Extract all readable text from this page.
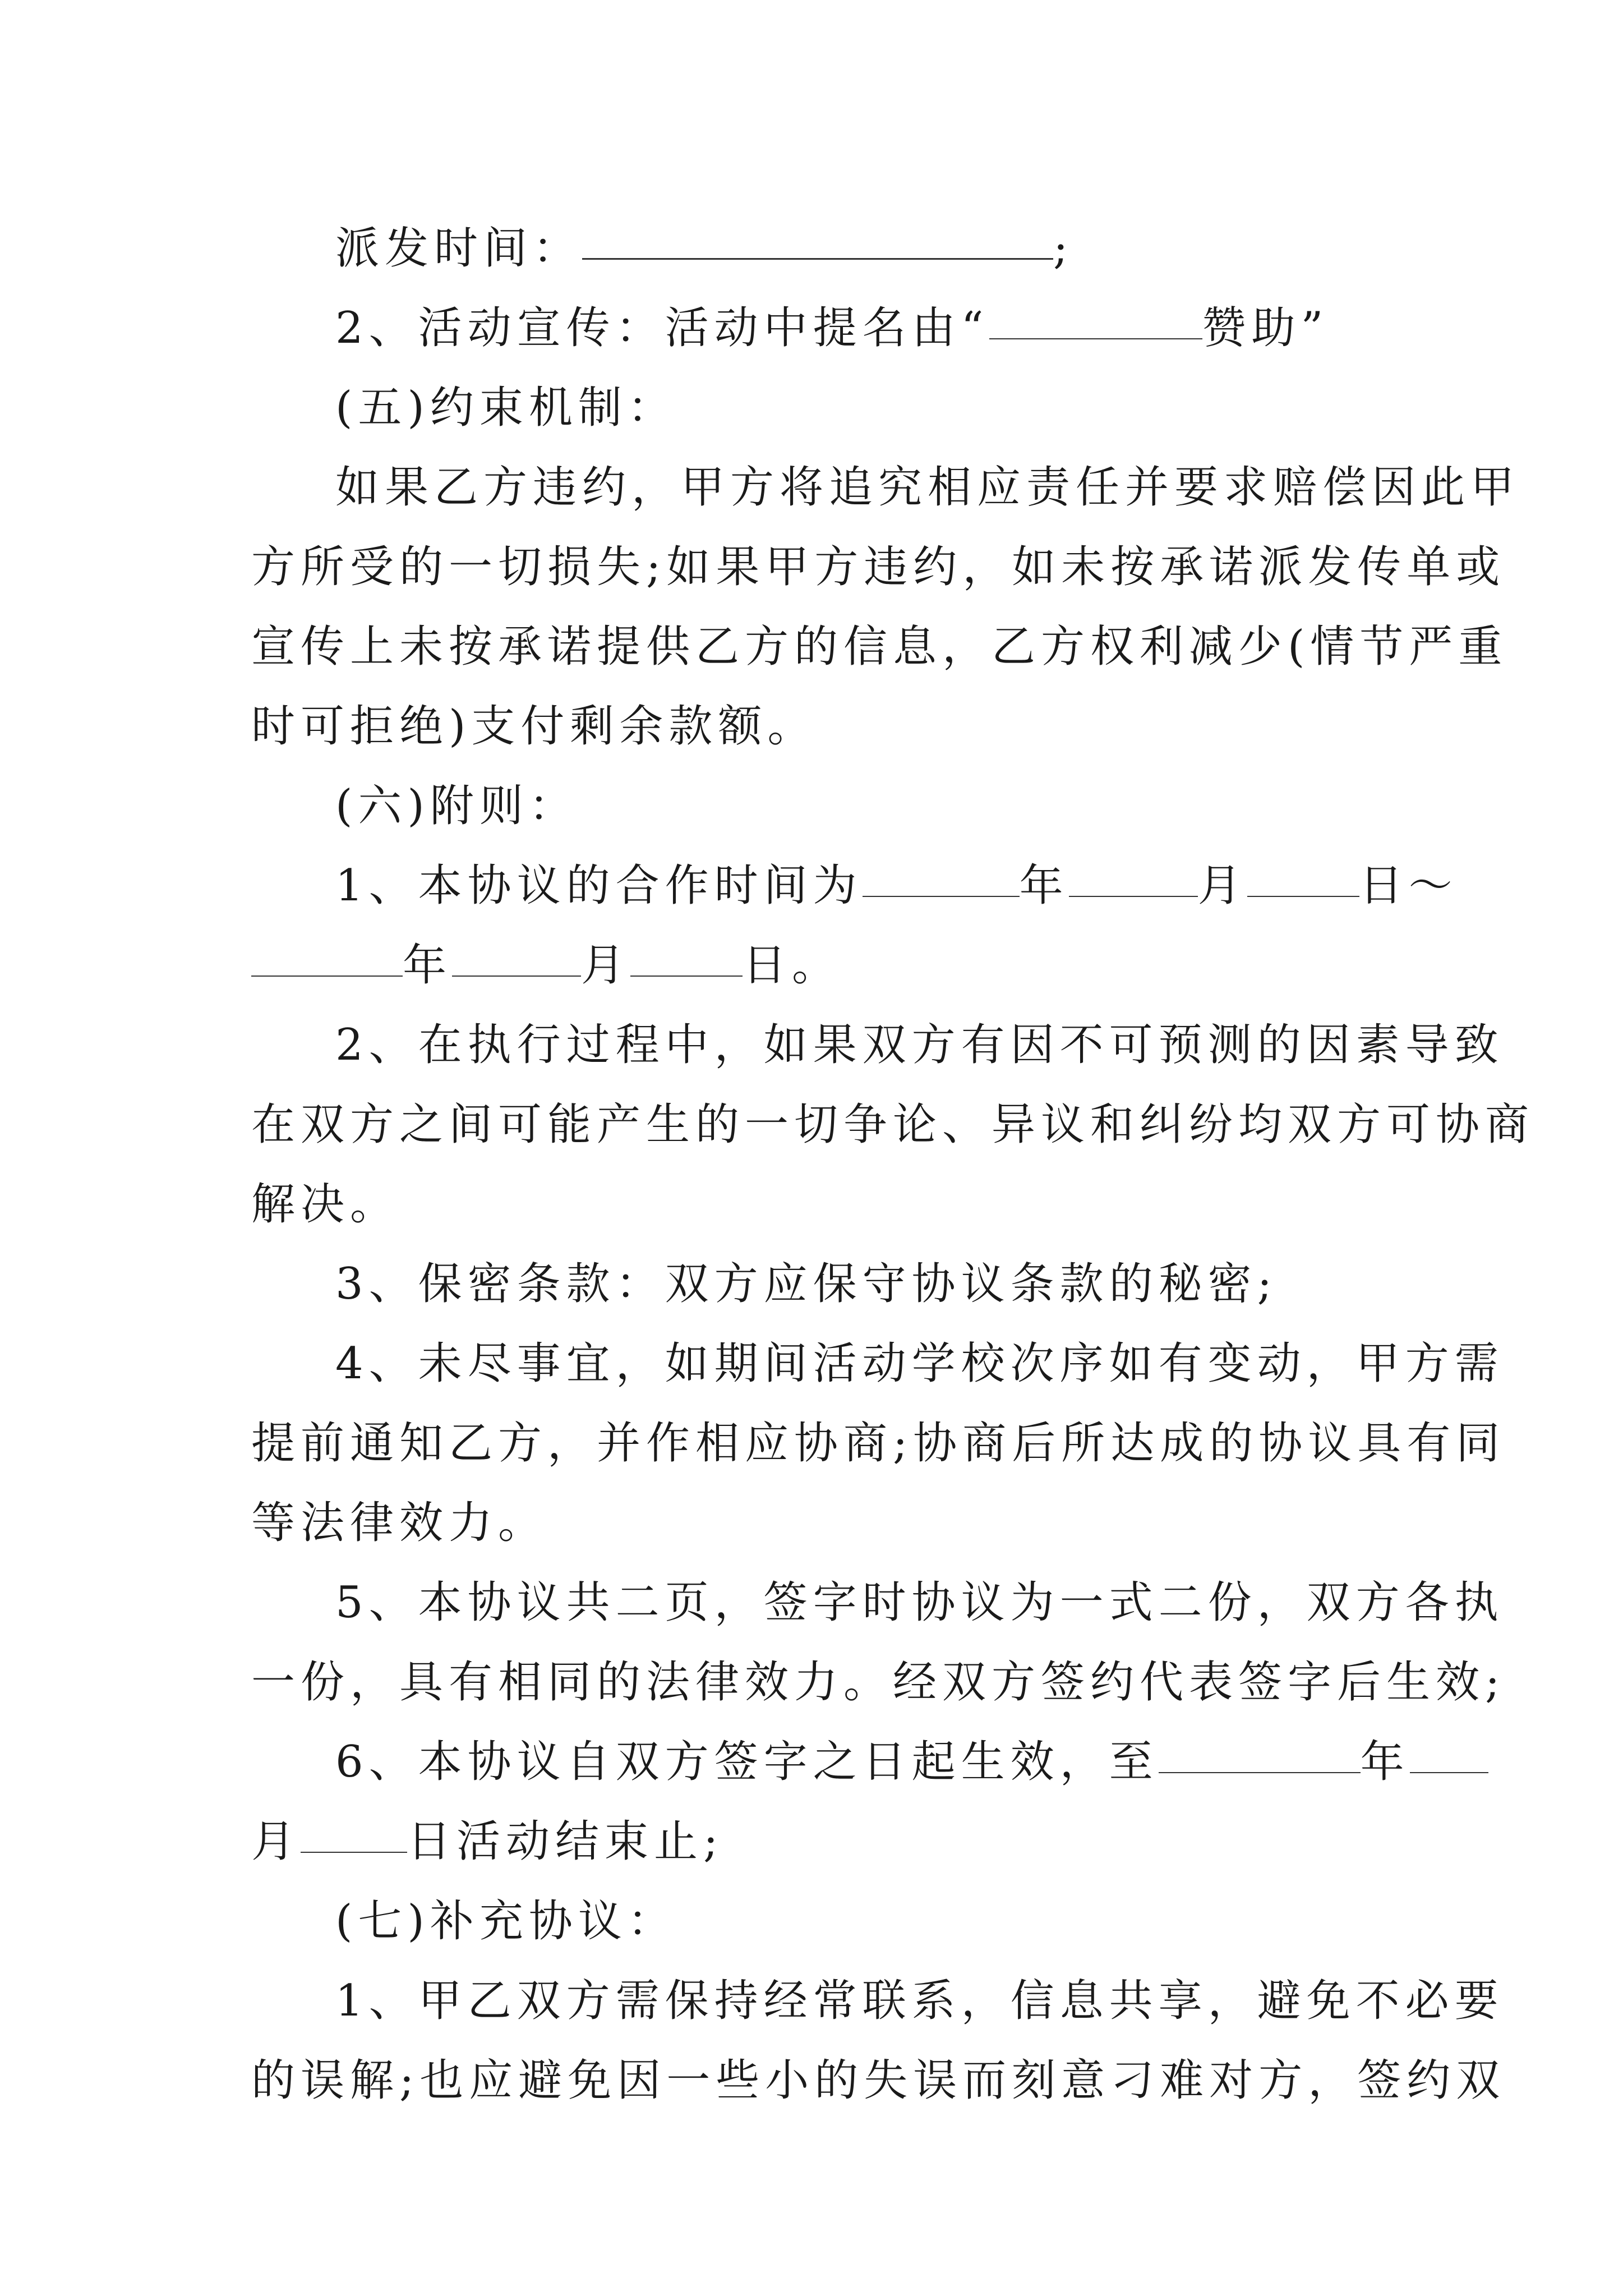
派发时间：	;
2、活动宣传：活动中提名由“	赞助”
(五)约束机制：
如果乙方违约，甲方将追究相应责任并要求赔偿因此甲
方所受的一切损失;如果甲方违约，如未按承诺派发传单或
宣传上未按承诺提供乙方的信息，乙方权利减少(情节严重
时可拒绝)支付剩余款额。
(六)附则：
1、本协议的合作时间为	年	月	日～
年	月	日。
2、在执行过程中，如果双方有因不可预测的因素导致
在双方之间可能产生的一切争论、异议和纠纷均双方可协商
解决。
3、保密条款：双方应保守协议条款的秘密;
4、未尽事宜，如期间活动学校次序如有变动，甲方需
提前通知乙方，并作相应协商;协商后所达成的协议具有同
等法律效力。
5、本协议共二页，签字时协议为一式二份，双方各执
一份，具有相同的法律效力。经双方签约代表签字后生效;
6、本协议自双方签字之日起生效，至	年
月 日活动结束止;
(七)补充协议：
1、甲乙双方需保持经常联系，信息共享，避免不必要
的误解;也应避免因一些小的失误而刻意刁难对方，签约双
